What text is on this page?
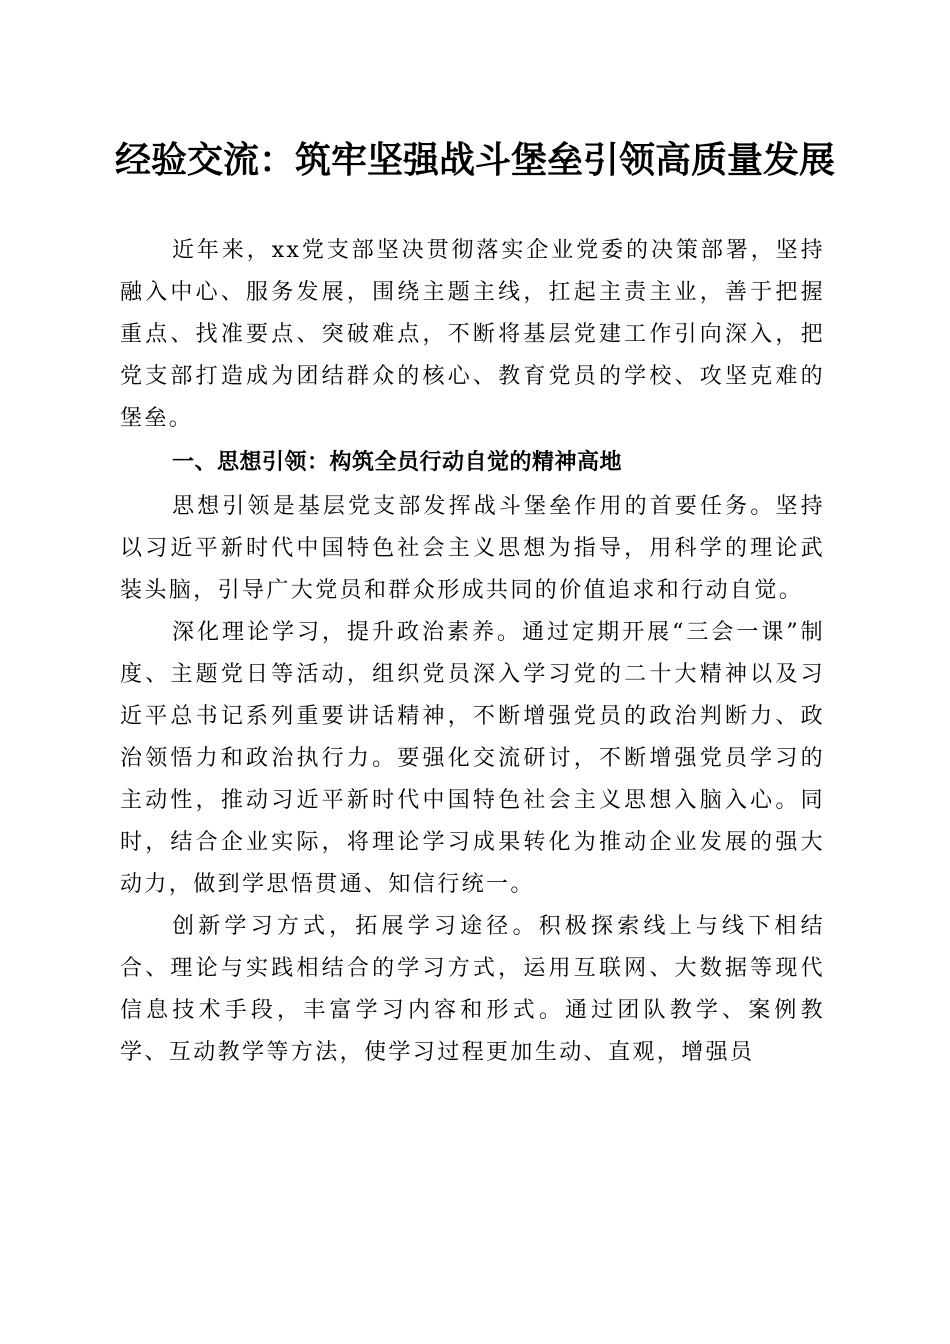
经验交流：筑牢坚强战斗堡垒引领高质量发展

近年来，xx党支部坚决贯彻落实企业党委的决策部署，坚持融入中心、服务发展，围绕主题主线，扛起主责主业，善于把握重点、找准要点、突破难点，不断将基层党建工作引向深入，把党支部打造成为团结群众的核心、教育党员的学校、攻坚克难的堡垒。

一、思想引领：构筑全员行动自觉的精神高地

思想引领是基层党支部发挥战斗堡垒作用的首要任务。坚持以习近平新时代中国特色社会主义思想为指导，用科学的理论武装头脑，引导广大党员和群众形成共同的价值追求和行动自觉。

深化理论学习，提升政治素养。通过定期开展“三会一课”制度、主题党日等活动，组织党员深入学习党的二十大精神以及习近平总书记系列重要讲话精神，不断增强党员的政治判断力、政治领悟力和政治执行力。要强化交流研讨，不断增强党员学习的主动性，推动习近平新时代中国特色社会主义思想入脑入心。同时，结合企业实际，将理论学习成果转化为推动企业发展的强大动力，做到学思悟贯通、知信行统一。

创新学习方式，拓展学习途径。积极探索线上与线下相结合、理论与实践相结合的学习方式，运用互联网、大数据等现代信息技术手段，丰富学习内容和形式。通过团队教学、案例教学、互动教学等方法，使学习过程更加生动、直观，增强员
